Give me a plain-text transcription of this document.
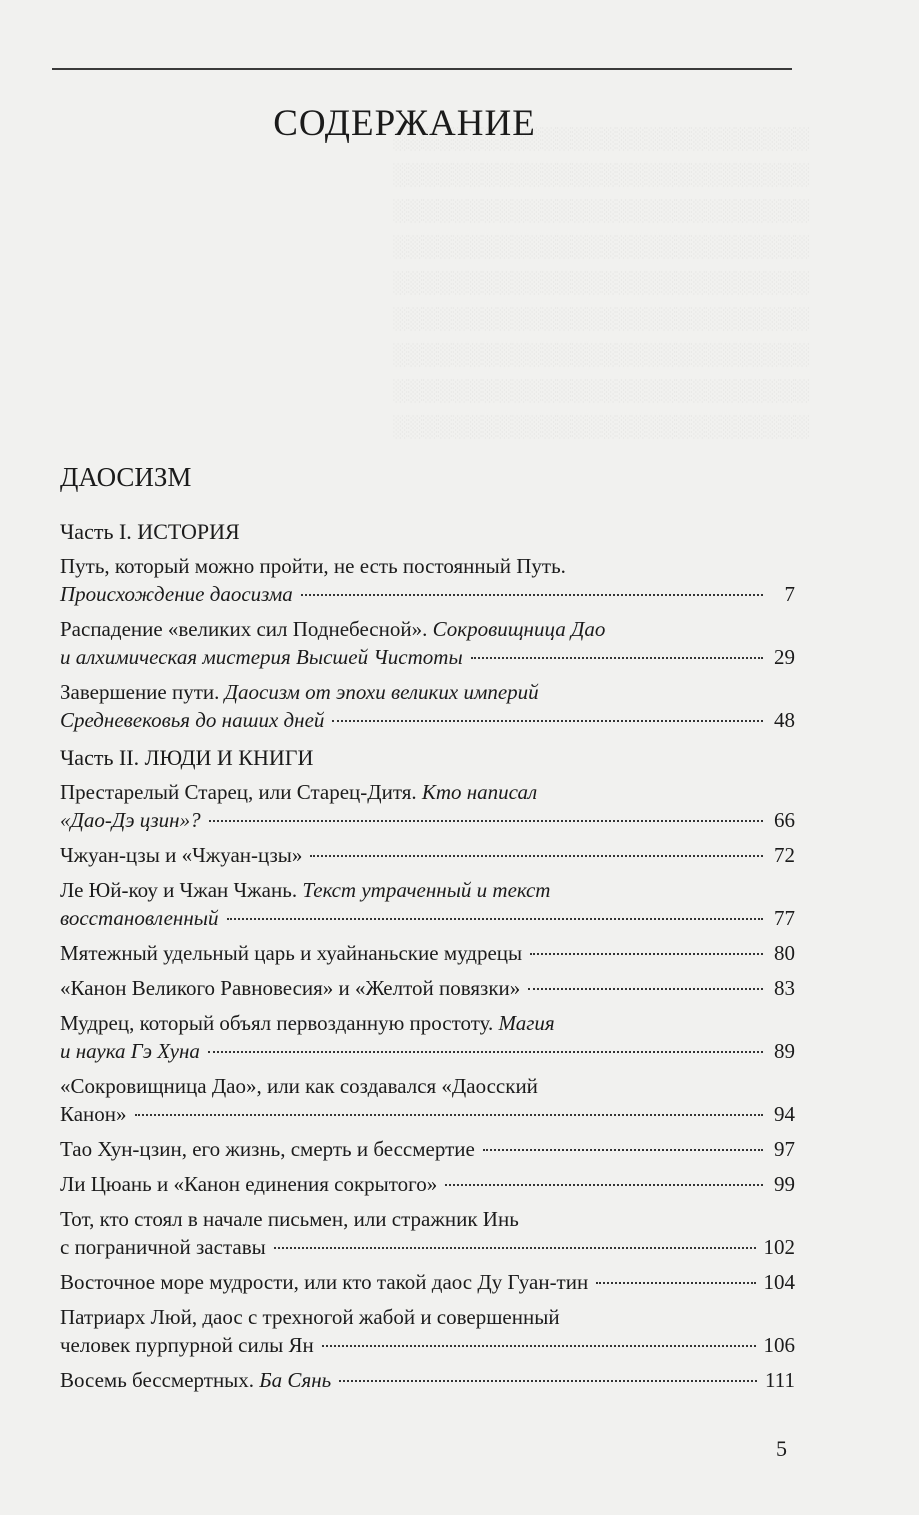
░░░░░░░░░░░░░░░░░░░░░░░░░░░░
░░░░░░░░░░░░░░░░░░░░░░░░░░░░
░░░░░░░░░░░░░░░░░░░░░░░░░░░░
░░░░░░░░░░░░░░░░░░░░░░░░░░░░
░░░░░░░░░░░░░░░░░░░░░░░░░░░░
░░░░░░░░░░░░░░░░░░░░░░░░░░░░
░░░░░░░░░░░░░░░░░░░░░░░░░░░░
░░░░░░░░░░░░░░░░░░░░░░░░░░░░
░░░░░░░░░░░░░░░░░░░░░░░░░░░░
СОДЕРЖАНИЕ
ДАОСИЗМ
Часть I. ИСТОРИЯ
Путь, который можно пройти, не есть постоянный Путь.
Происхождение даосизма	7
Распадение «великих сил Поднебесной». Сокровищница Дао
и алхимическая мистерия Высшей Чистоты	29
Завершение пути. Даосизм от эпохи великих империй
Средневековья до наших дней	48
Часть II. ЛЮДИ И КНИГИ
Престарелый Старец, или Старец-Дитя. Кто написал
«Дао-Дэ цзин»?	66
Чжуан-цзы и «Чжуан-цзы»	72
Ле Юй-коу и Чжан Чжань. Текст утраченный и текст
восстановленный	77
Мятежный удельный царь и хуайнаньские мудрецы	80
«Канон Великого Равновесия» и «Желтой повязки»	83
Мудрец, который объял первозданную простоту. Магия
и наука Гэ Хуна	89
«Сокровищница Дао», или как создавался «Даосский
Канон»	94
Тао Хун-цзин, его жизнь, смерть и бессмертие	97
Ли Цюань и «Канон единения сокрытого»	99
Тот, кто стоял в начале письмен, или стражник Инь
с пограничной заставы	102
Восточное море мудрости, или кто такой даос Ду Гуан-тин	104
Патриарх Люй, даос с трехногой жабой и совершенный
человек пурпурной силы Ян	106
Восемь бессмертных. Ба Сянь	111
5
